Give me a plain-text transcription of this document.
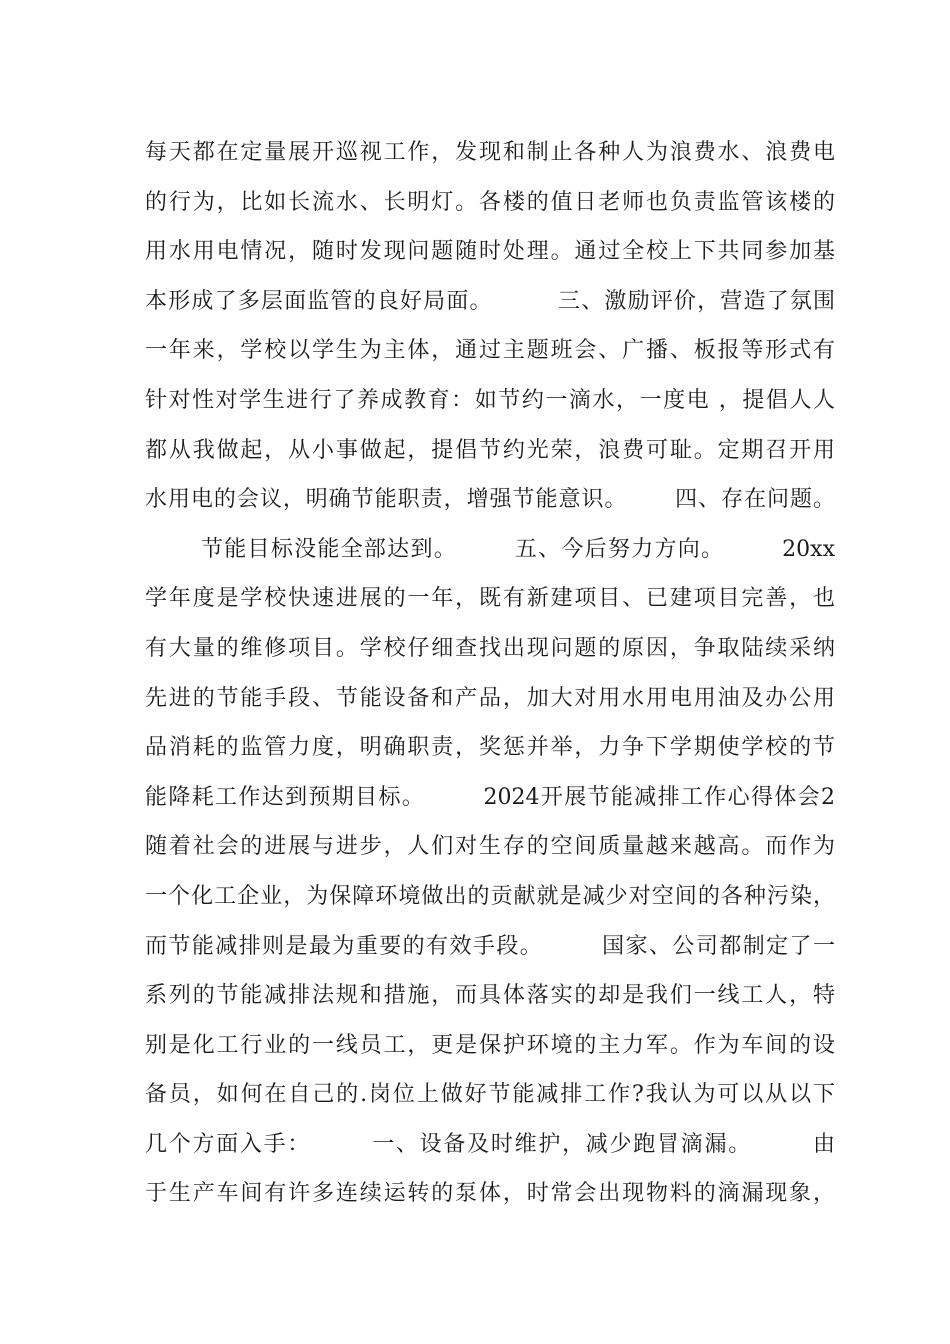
每天都在定量展开巡视工作，发现和制止各种人为浪费水、浪费电
的行为，比如长流水、长明灯。各楼的值日老师也负责监管该楼的
用水用电情况，随时发现问题随时处理。通过全校上下共同参加基
本形成了多层面监管的良好局面。        三、激励评价，营造了氛围
一年来，学校以学生为主体，通过主题班会、广播、板报等形式有
针对性对学生进行了养成教育：如节约一滴水，一度电 ，提倡人人
都从我做起，从小事做起，提倡节约光荣，浪费可耻。定期召开用
水用电的会议，明确节能职责，增强节能意识。      四、存在问题。
节能目标没能全部达到。       五、今后努力方向。       20xx
学年度是学校快速进展的一年，既有新建项目、已建项目完善，也
有大量的维修项目。学校仔细查找出现问题的原因，争取陆续采纳
先进的节能手段、节能设备和产品，加大对用水用电用油及办公用
品消耗的监管力度，明确职责，奖惩并举，力争下学期使学校的节
能降耗工作达到预期目标。       2024开展节能减排工作心得体会2
随着社会的进展与进步，人们对生存的空间质量越来越高。而作为
一个化工企业，为保障环境做出的贡献就是减少对空间的各种污染，
而节能减排则是最为重要的有效手段。       国家、公司都制定了一
系列的节能减排法规和措施，而具体落实的却是我们一线工人，特
别是化工行业的一线员工，更是保护环境的主力军。作为车间的设
备员，如何在自己的.岗位上做好节能减排工作?我认为可以从以下
几个方面入手：       一、设备及时维护，减少跑冒滴漏。       由
于生产车间有许多连续运转的泵体，时常会出现物料的滴漏现象，
